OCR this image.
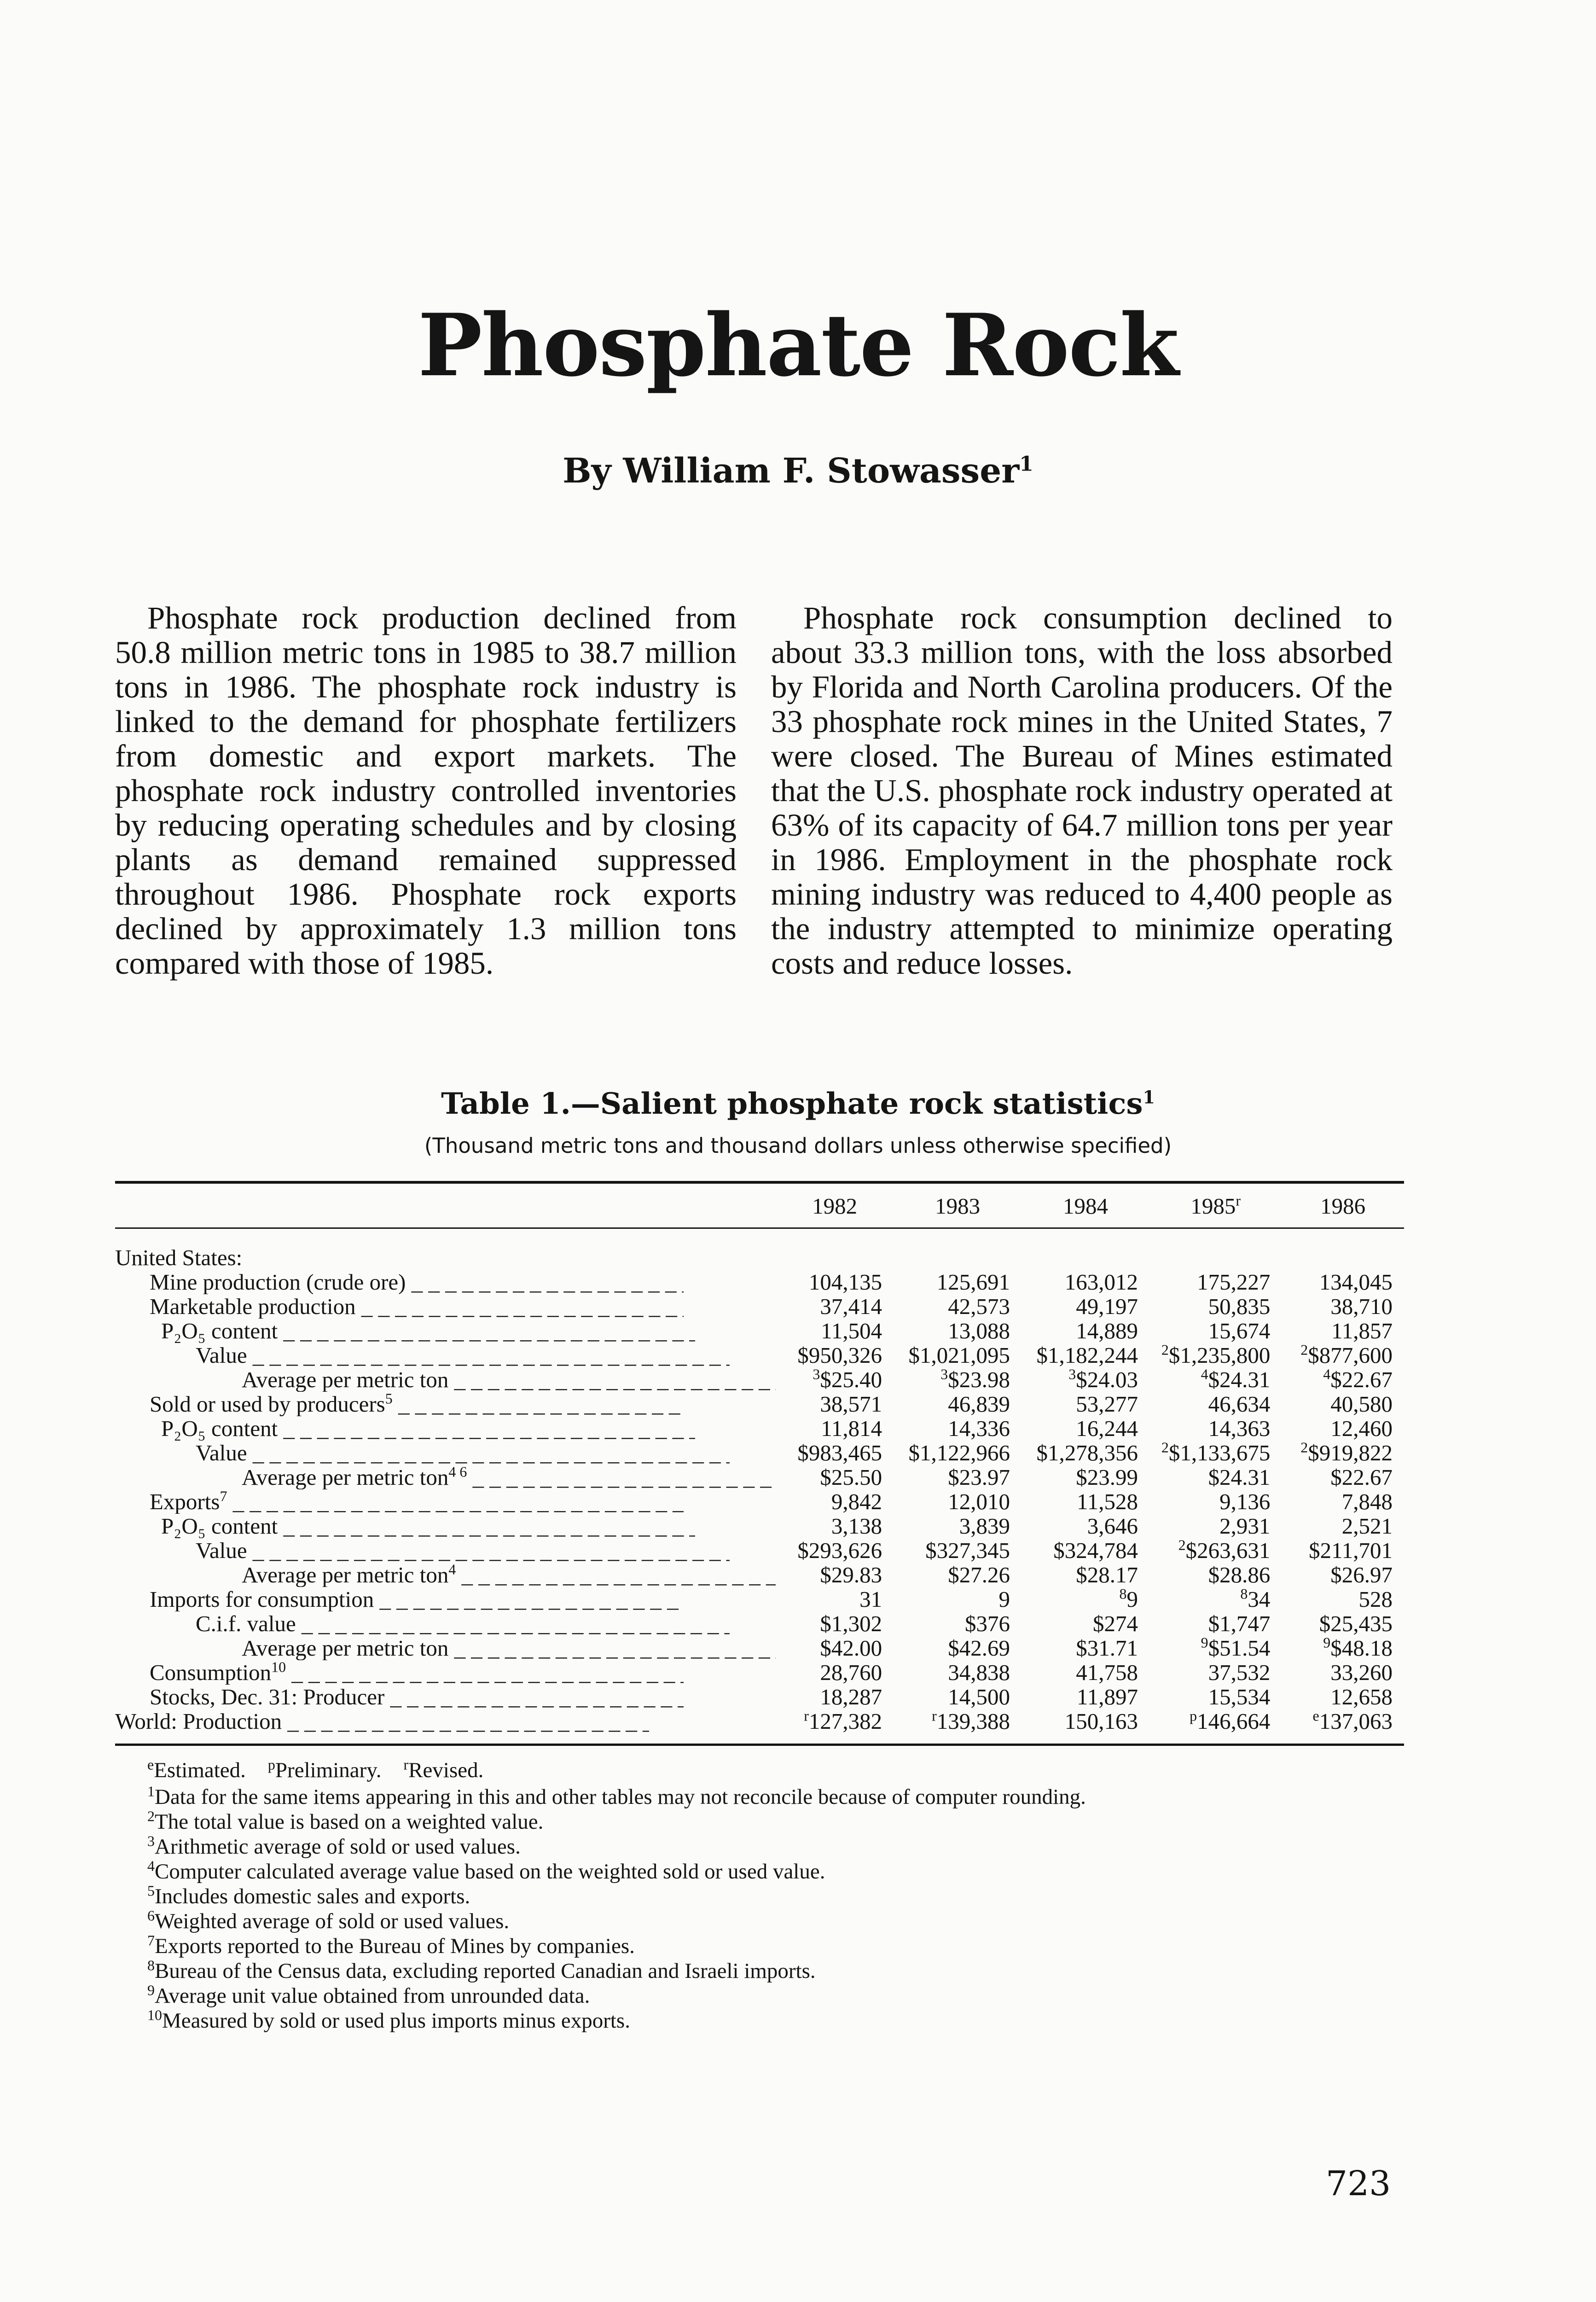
Phosphate Rock
By William F. Stowasser$^1$

Phosphate rock production declined from 50.8 million metric tons in 1985 to 38.7 million tons in 1986. The phosphate rock industry is linked to the demand for phosphate fertilizers from domestic and export markets. The phosphate rock industry controlled inventories by reducing operating schedules and by closing plants as demand remained suppressed throughout 1986. Phosphate rock exports declined by approximately 1.3 million tons compared with those of 1985.

Phosphate rock consumption declined to about 33.3 million tons, with the loss absorbed by Florida and North Carolina producers. Of the 33 phosphate rock mines in the United States, 7 were closed. The Bureau of Mines estimated that the U.S. phosphate rock industry operated at 63% of its capacity of 64.7 million tons per year in 1986. Employment in the phosphate rock mining industry was reduced to 4,400 people as the industry attempted to minimize operating costs and reduce losses.

Table 1.—Salient phosphate rock statistics$^1$
(Thousand metric tons and thousand dollars unless otherwise specified)
	1982	1983	1984	1985$^r$	1986

United States:					

Mine production (crude ore) _ _ _	104,135	125,691	163,012	175,227	134,045

Marketable production _ _ _	37,414	42,573	49,197	50,835	38,710

P₂O₅ content _ _ _	11,504	13,088	14,889	15,674	11,857

Value _ _ _	$950,326	$1,021,095	$1,182,244	$^2$\$1,235,800	$^2$\$877,600

Average per metric ton _ _ _	$^3$\$25.40	$^3$\$23.98	$^3$\$24.03	$^4$\$24.31	$^4$\$22.67

Sold or used by producers$^5$ _ _ _	38,571	46,839	53,277	46,634	40,580

P₂O₅ content _ _ _	11,814	14,336	16,244	14,363	12,460

Value _ _ _	$983,465	$1,122,966	$1,278,356	$^2$\$1,133,675	$^2$\$919,822

Average per metric ton$^{4 6}$ _ _ _	$25.50	$23.97	$23.99	$24.31	$22.67

Exports$^7$ _ _ _	9,842	12,010	11,528	9,136	7,848

P₂O₅ content _ _ _	3,138	3,839	3,646	2,931	2,521

Value _ _ _	$293,626	$327,345	$324,784	$^2$\$263,631	$211,701

Average per metric ton$^4$ _ _ _	$29.83	$27.26	$28.17	$28.86	$26.97

Imports for consumption _ _ _	31	9	$^8$9	$^8$34	528

C.i.f. value _ _ _	$1,302	$376	$274	$1,747	$25,435

Average per metric ton _ _ _	$42.00	$42.69	$31.71	$^9$\$51.54	$^9$\$48.18

Consumption$^{10}$ _ _ _	28,760	34,838	41,758	37,532	33,260

Stocks, Dec. 31: Producer _ _ _	18,287	14,500	11,897	15,534	12,658

World: Production _ _ _	$^r$127,382	$^r$139,388	150,163	$^p$146,664	$^e$137,063
$^e$Estimated. $^p$Preliminary. $^r$Revised.
$^1$Data for the same items appearing in this and other tables may not reconcile because of computer rounding.
$^2$The total value is based on a weighted value.
$^3$Arithmetic average of sold or used values.
$^4$Computer calculated average value based on the weighted sold or used value.
$^5$Includes domestic sales and exports.
$^6$Weighted average of sold or used values.
$^7$Exports reported to the Bureau of Mines by companies.
$^8$Bureau of the Census data, excluding reported Canadian and Israeli imports.
$^9$Average unit value obtained from unrounded data.
$^{10}$Measured by sold or used plus imports minus exports.
723
